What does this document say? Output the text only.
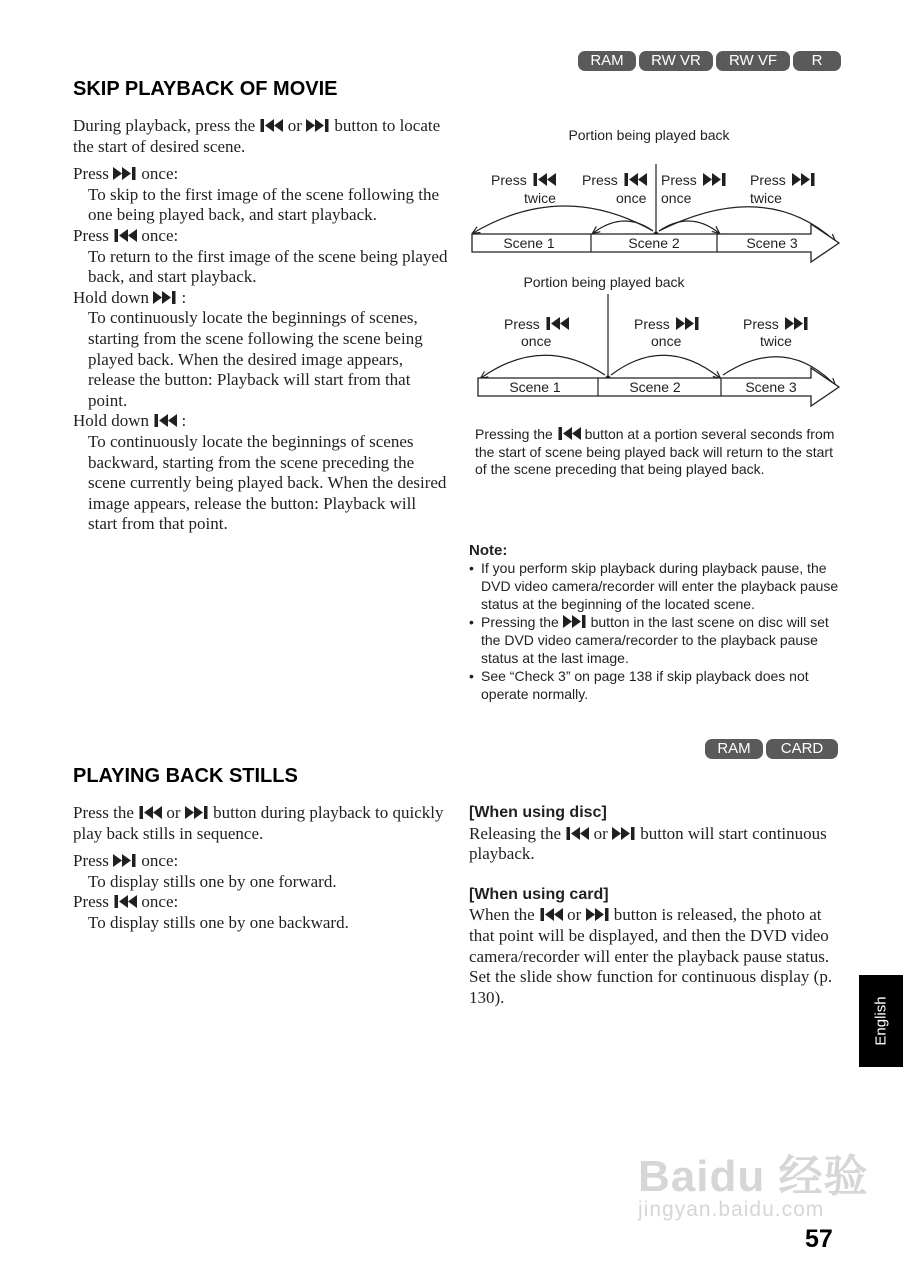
RAM	RW VR	RW VF	R
SKIP PLAYBACK OF MOVIE

During playback, press the or button to locate the start of desired scene.

Press once:

To skip to the first image of the scene following the one being played back, and start playback.

Press once:

To return to the first image of the scene being played back, and start playback.

Hold down :

To continuously locate the beginnings of scenes, starting from the scene following the scene being played back. When the desired image appears, release the button: Playback will start from that point.

Hold down :

To continuously locate the beginnings of scenes backward, starting from the scene preceding the scene currently being played back. When the desired image appears, release the button: Playback will start from that point.

Portion being played back
Press
twice
Press
once
Press
once
Press
twice
Scene 1	Scene 2	Scene 3
Portion being played back
Press
once
Press
once
Press
twice
Scene 1	Scene 2	Scene 3
Pressing the button at a portion several seconds from the start of scene being played back will return to the start of the scene preceding that being played back.
Note:
• If you perform skip playback during playback pause, the DVD video camera/recorder will enter the playback pause status at the beginning of the located scene.
• Pressing the button in the last scene on disc will set the DVD video camera/recorder to the playback pause status at the last image.
• See “Check 3” on page 138 if skip playback does not operate normally.
RAM	CARD
PLAYING BACK STILLS

Press the or button during playback to quickly play back stills in sequence.

Press once:

To display stills one by one forward.

Press once:

To display stills one by one backward.

[When using disc]

Releasing the or button will start continuous playback.

[When using card]

When the or button is released, the photo at that point will be displayed, and then the DVD video camera/recorder will enter the playback pause status.

Set the slide show function for continuous display (p. 130).	English
Baidu 经验
jingyan.baidu.com
57
